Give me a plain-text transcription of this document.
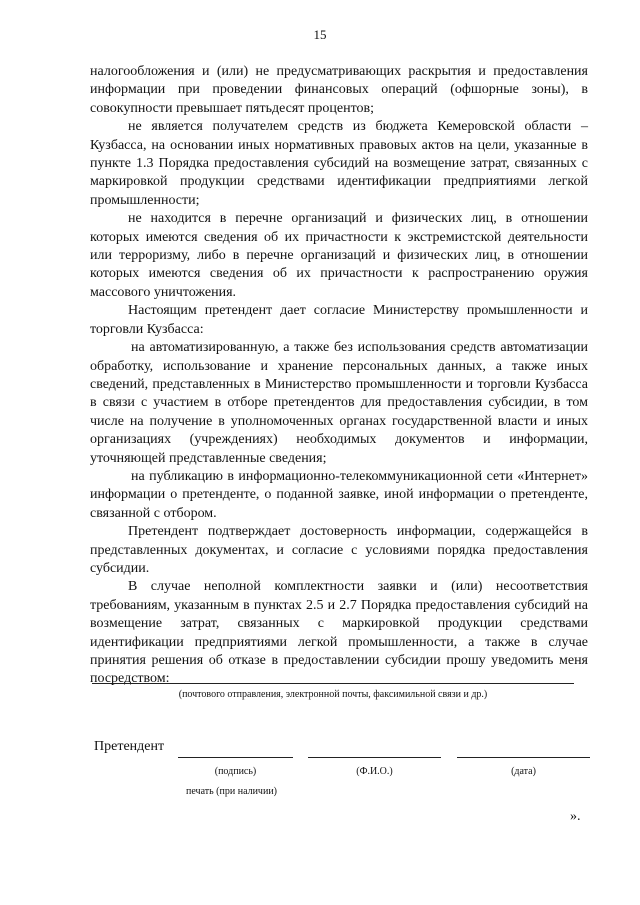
15

налогообложения и (или) не предусматривающих раскрытия и предоставления информации при проведении финансовых операций (офшорные зоны), в совокупности превышает пятьдесят процентов;

не является получателем средств из бюджета Кемеровской области – Кузбасса, на основании иных нормативных правовых актов на цели, указанные в пункте 1.3 Порядка предоставления субсидий на возмещение затрат, связанных с маркировкой продукции средствами идентификации предприятиями легкой промышленности;

не находится в перечне организаций и физических лиц, в отношении которых имеются сведения об их причастности к экстремистской деятельности или терроризму, либо в перечне организаций и физических лиц, в отношении которых имеются сведения об их причастности к распространению оружия массового уничтожения.

Настоящим претендент дает согласие Министерству промышленности и торговли Кузбасса:

на автоматизированную, а также без использования средств автоматизации обработку, использование и хранение персональных данных, а также иных сведений, представленных в Министерство промышленности и торговли Кузбасса в связи с участием в отборе претендентов для предоставления субсидии, в том числе на получение в уполномоченных органах государственной власти и иных организациях (учреждениях) необходимых документов и информации, уточняющей представленные сведения;

на публикацию в информационно-телекоммуникационной сети «Интернет» информации о претенденте, о поданной заявке, иной информации о претенденте, связанной с отбором.

Претендент подтверждает достоверность информации, содержащейся в представленных документах, и согласие с условиями порядка предоставления субсидии.

В случае неполной комплектности заявки и (или) несоответствия требованиям, указанным в пунктах 2.5 и 2.7 Порядка предоставления субсидий на возмещение затрат, связанных с маркировкой продукции средствами идентификации предприятиями легкой промышленности, а также в случае принятия решения об отказе в предоставлении субсидии прошу уведомить меня посредством:

(почтового отправления, электронной почты, факсимильной связи и др.)
Претендент
(подпись)	(Ф.И.О.)	(дата)
печать (при наличии)
».
